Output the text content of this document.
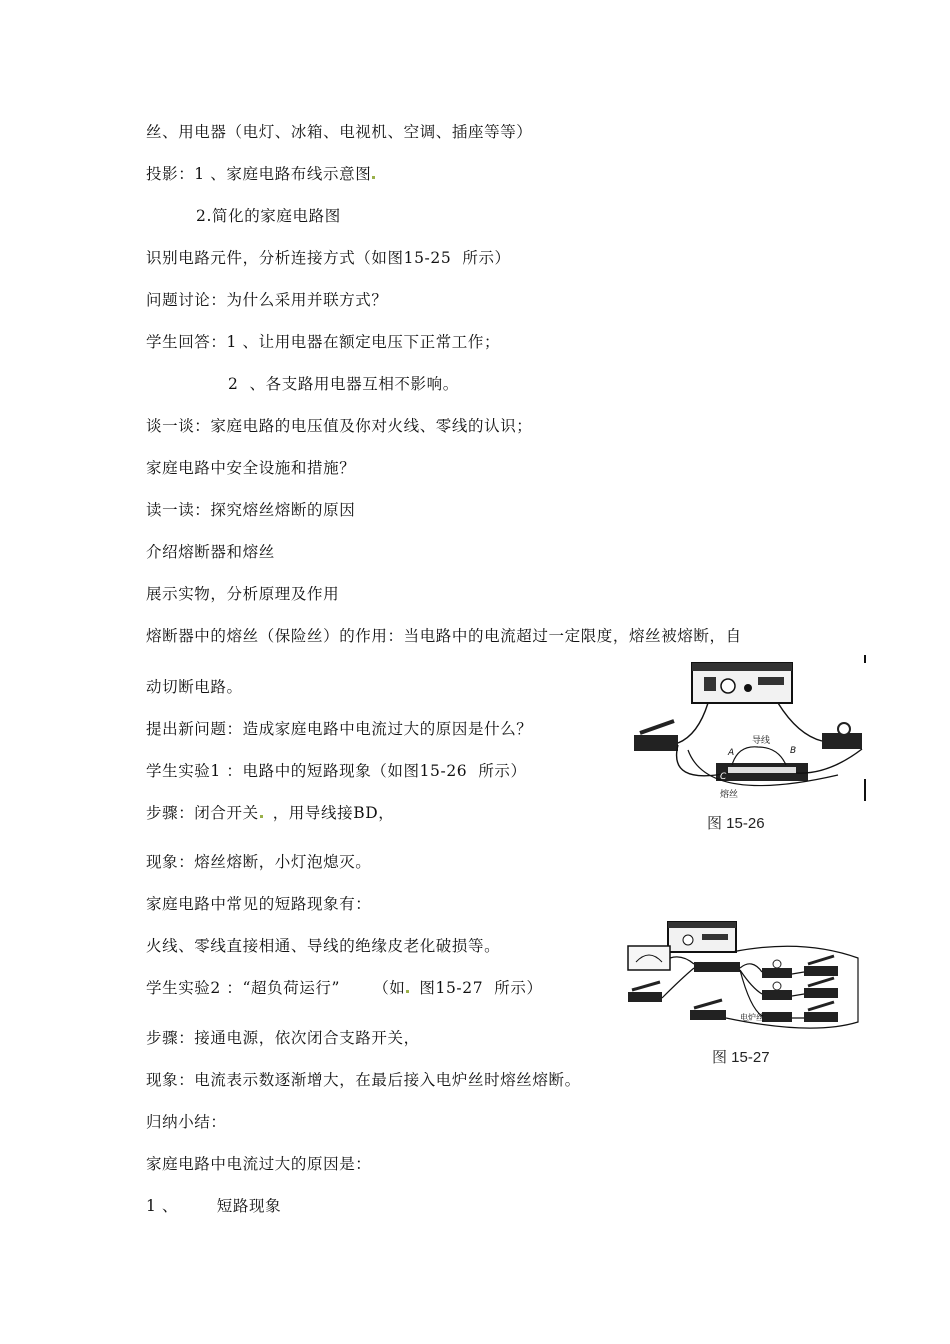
丝、用电器（电灯、冰箱、电视机、空调、插座等等）
投影：1 、家庭电路布线示意图
2.简化的家庭电路图
识别电路元件，分析连接方式（如图15-25  所示）
问题讨论：为什么采用并联方式？
学生回答：1 、让用电器在额定电压下正常工作；
2  、各支路用电器互相不影响。
谈一谈：家庭电路的电压值及你对火线、零线的认识；
家庭电路中安全设施和措施？
读一读：探究熔丝熔断的原因
介绍熔断器和熔丝
展示实物，分析原理及作用
熔断器中的熔丝（保险丝）的作用：当电路中的电流超过一定限度，熔丝被熔断，自
动切断电路。
提出新问题：造成家庭电路中电流过大的原因是什么？
学生实验1 ：电路中的短路现象（如图15-26  所示）
步骤：闭合开关 ，用导线接BD，
现象：熔丝熔断，小灯泡熄灭。
家庭电路中常见的短路现象有：
火线、零线直接相通、导线的绝缘皮老化破损等。
学生实验2 ：“超负荷运行”      （如 图15-27  所示）
步骤：接通电源，依次闭合支路开关，
现象：电流表示数逐渐增大，在最后接入电炉丝时熔丝熔断。
归纳小结：
家庭电路中电流过大的原因是：
1 、       短路现象
导线
A	B
C
熔丝
图 15-26
电炉丝
图 15-27
